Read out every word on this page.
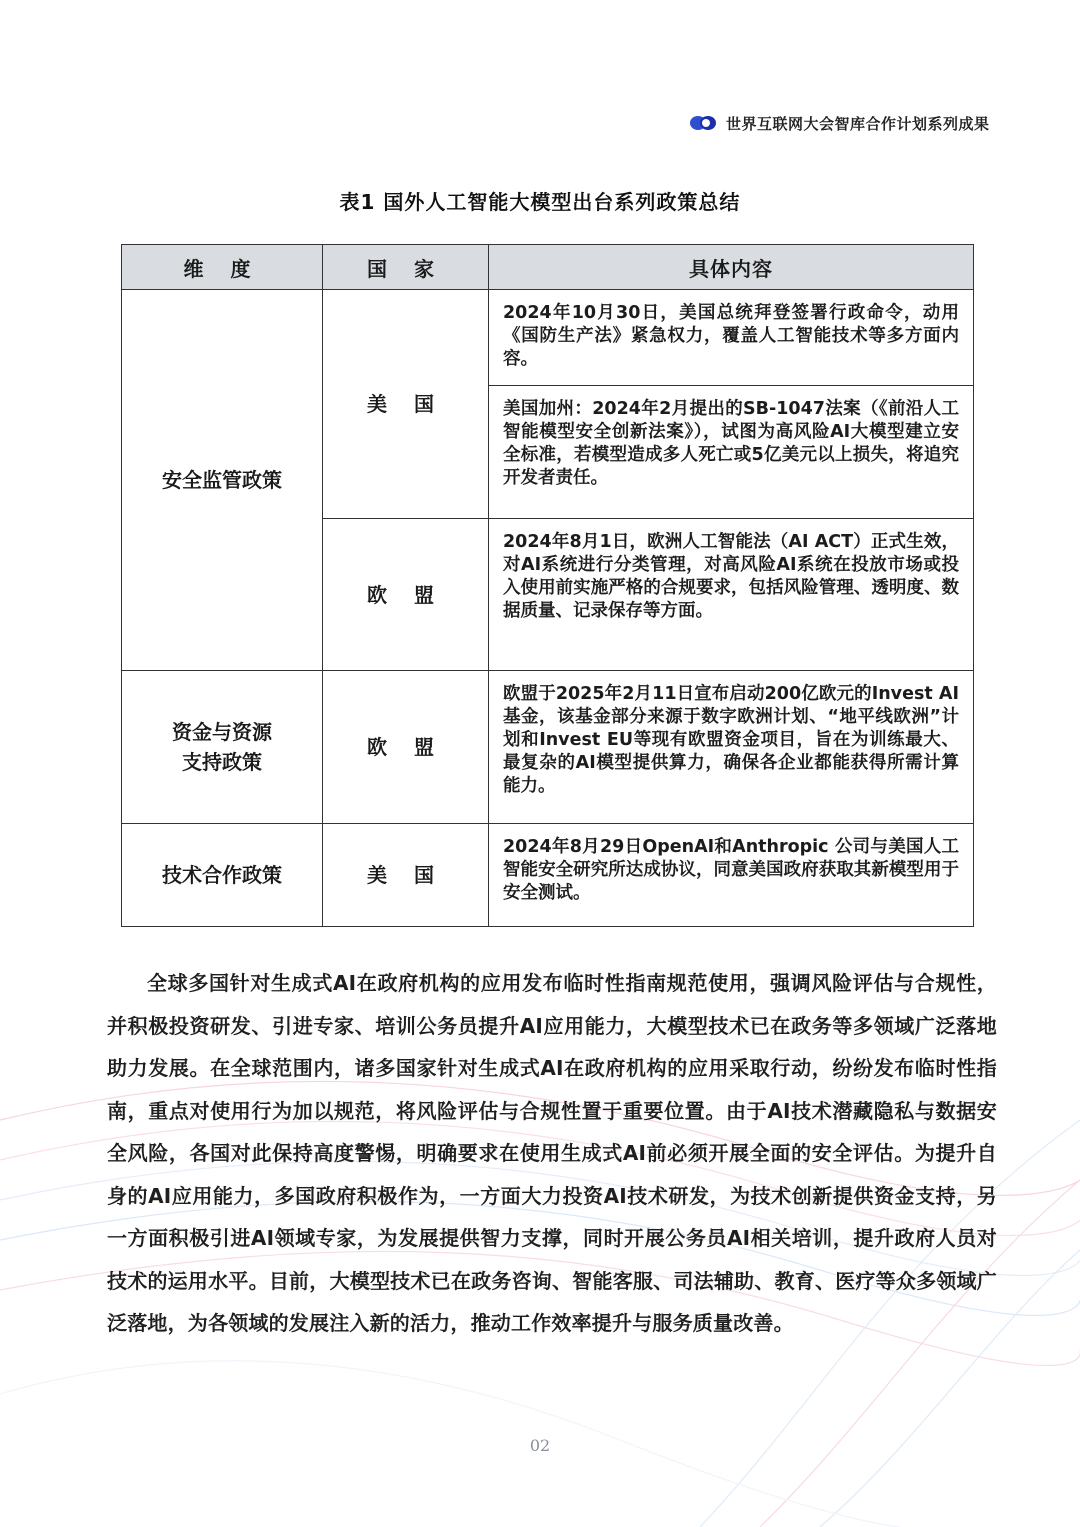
世界互联网大会智库合作计划系列成果
表1 国外人工智能大模型出台系列政策总结
维 度	国 家	具体内容
安全监管政策	美 国	2024年10月30日，美国总统拜登签署行政命令，动用《国防生产法》紧急权力，覆盖人工智能技术等多方面内容。
		美国加州：2024年2月提出的SB-1047法案（《前沿人工智能模型安全创新法案》），试图为高风险AI大模型建立安全标准，若模型造成多人死亡或5亿美元以上损失，将追究开发者责任。
	欧 盟	2024年8月1日，欧洲人工智能法（AI ACT）正式生效，对AI系统进行分类管理，对高风险AI系统在投放市场或投入使用前实施严格的合规要求，包括风险管理、透明度、数据质量、记录保存等方面。
资金与资源
支持政策	欧 盟	欧盟于2025年2月11日宣布启动200亿欧元的Invest AI基金，该基金部分来源于数字欧洲计划、“地平线欧洲”计划和Invest EU等现有欧盟资金项目，旨在为训练最大、最复杂的AI模型提供算力，确保各企业都能获得所需计算能力。
技术合作政策	美 国	2024年8月29日OpenAI和Anthropic 公司与美国人工智能安全研究所达成协议，同意美国政府获取其新模型用于安全测试。

全球多国针对生成式AI在政府机构的应用发布临时性指南规范使用，强调风险评估与合规性，并积极投资研发、引进专家、培训公务员提升AI应用能力，大模型技术已在政务等多领域广泛落地助力发展。在全球范围内，诸多国家针对生成式AI在政府机构的应用采取行动，纷纷发布临时性指南，重点对使用行为加以规范，将风险评估与合规性置于重要位置。由于AI技术潜藏隐私与数据安全风险，各国对此保持高度警惕，明确要求在使用生成式AI前必须开展全面的安全评估。为提升自身的AI应用能力，多国政府积极作为，一方面大力投资AI技术研发，为技术创新提供资金支持，另一方面积极引进AI领域专家，为发展提供智力支撑，同时开展公务员AI相关培训，提升政府人员对技术的运用水平。目前，大模型技术已在政务咨询、智能客服、司法辅助、教育、医疗等众多领域广泛落地，为各领域的发展注入新的活力，推动工作效率提升与服务质量改善。

02
